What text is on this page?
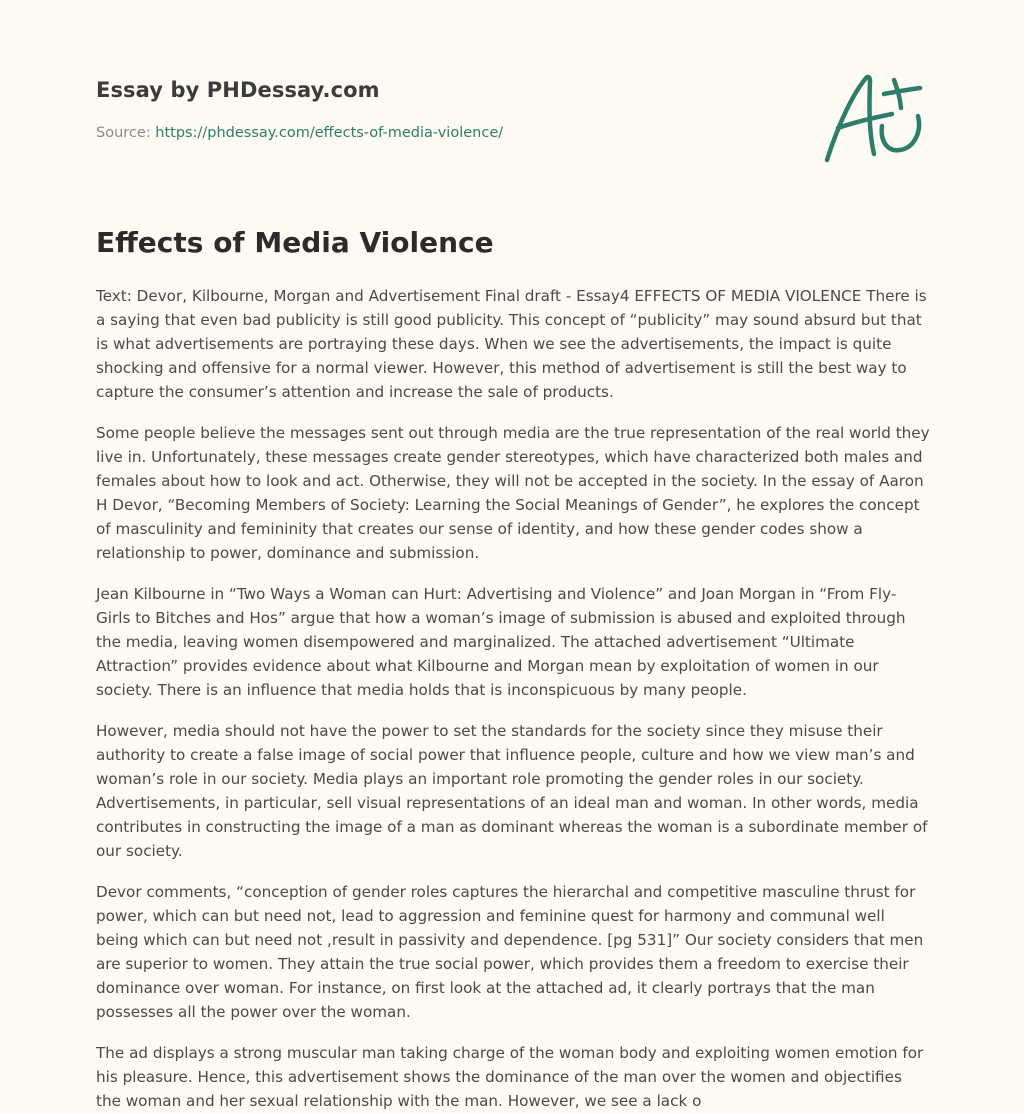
Essay by PHDessay.com
Source: https://phdessay.com/effects-of-media-violence/
Effects of Media Violence

Text: Devor, Kilbourne, Morgan and Advertisement Final draft - Essay4 EFFECTS OF MEDIA VIOLENCE There is a saying that even bad publicity is still good publicity. This concept of “publicity” may sound absurd but that is what advertisements are portraying these days. When we see the advertisements, the impact is quite shocking and offensive for a normal viewer. However, this method of advertisement is still the best way to capture the consumer’s attention and increase the sale of products.

Some people believe the messages sent out through media are the true representation of the real world they live in. Unfortunately, these messages create gender stereotypes, which have characterized both males and females about how to look and act. Otherwise, they will not be accepted in the society. In the essay of Aaron H Devor, “Becoming Members of Society: Learning the Social Meanings of Gender”, he explores the concept of masculinity and femininity that creates our sense of identity, and how these gender codes show a relationship to power, dominance and submission.

Jean Kilbourne in “Two Ways a Woman can Hurt: Advertising and Violence” and Joan Morgan in “From Fly-Girls to Bitches and Hos” argue that how a woman’s image of submission is abused and exploited through the media, leaving women disempowered and marginalized. The attached advertisement “Ultimate Attraction” provides evidence about what Kilbourne and Morgan mean by exploitation of women in our society. There is an influence that media holds that is inconspicuous by many people.

However, media should not have the power to set the standards for the society since they misuse their authority to create a false image of social power that influence people, culture and how we view man’s and woman’s role in our society. Media plays an important role promoting the gender roles in our society. Advertisements, in particular, sell visual representations of an ideal man and woman. In other words, media contributes in constructing the image of a man as dominant whereas the woman is a subordinate member of our society.

Devor comments, “conception of gender roles captures the hierarchal and competitive masculine thrust for power, which can but need not, lead to aggression and feminine quest for harmony and communal well being which can but need not ,result in passivity and dependence. [pg 531]” Our society considers that men are superior to women. They attain the true social power, which provides them a freedom to exercise their dominance over woman. For instance, on first look at the attached ad, it clearly portrays that the man possesses all the power over the woman.

The ad displays a strong muscular man taking charge of the woman body and exploiting women emotion for his pleasure. Hence, this advertisement shows the dominance of the man over the women and objectifies the woman and her sexual relationship with the man. However, we see a lack o
